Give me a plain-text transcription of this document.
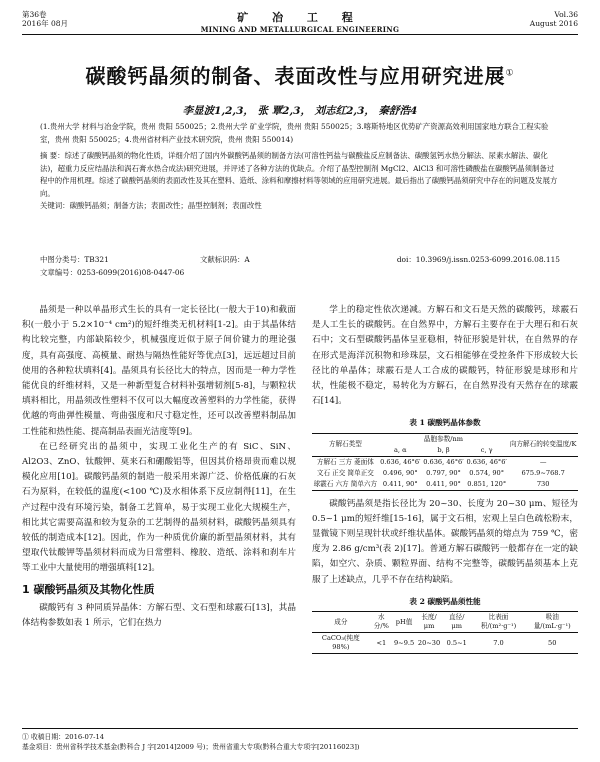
第36卷
2016年 08月	矿 冶 工 程
MINING AND METALLURGICAL ENGINEERING
Vol.36
August 2016
碳酸钙晶须的制备、表面改性与应用研究进展①
李显波1,2,3， 张 覃2,3， 刘志红2,3， 秦舒浩4
(1.贵州大学 材料与冶金学院，贵州 贵阳 550025；2.贵州大学 矿业学院，贵州 贵阳 550025；3.喀斯特地区优势矿产资源高效利用国家地方联合工程实验室，贵州 贵阳 550025；4.贵州省材料产业技术研究院，贵州 贵阳 550014)
摘 要：综述了碳酸钙晶须的物化性质，详细介绍了国内外碳酸钙晶须的制备方法(可溶性钙盐与碳酸盐反应制备法、碳酸氢钙水热分解法、尿素水解法、碳化法)，超重力反应结晶法和涡石膏水热合成法)研究进展，并评述了各种方法的优缺点。介绍了晶型控制剂 MgCl2、AlCl3 和可溶性磷酸盐在碳酸钙晶须制备过程中的作用机理。综述了碳酸钙晶须的表面改性及其在塑料、造纸、涂料和摩擦材料等领域的应用研究进展。最后指出了碳酸钙晶须研究中存在的问题及发展方向。
关键词：碳酸钙晶须；制备方法；表面改性；晶型控制剂；表面改性
中图分类号：TB321	文献标识码：A	doi：10.3969/j.issn.0253-6099.2016.08.115
文章编号：0253-6099(2016)08-0447-06

晶须是一种以单晶形式生长的具有一定长径比(一般大于10)和截面积(一般小于 5.2×10⁻⁴ cm²)的短纤维类无机材料[1-2]。由于其晶体结构比较完整，内部缺陷较少，机械强度近似于原子间价键力的理论强度，具有高强度、高模量、耐热与隔热性能好等优点[3]，远远超过目前使用的各种粒状填料[4]。晶须具有长径比大的特点，因而是一种力学性能优良的纤维材料，又是一种新型复合材料补强增韧剂[5-8]，与颗粒状填料相比，用晶须改性塑料不仅可以大幅度改善塑料的力学性能，获得优越的弯曲弹性模量、弯曲强度和尺寸稳定性，还可以改善塑料制品加工性能和热性能、提高制品表面光洁度等[9]。

在已经研究出的晶须中，实现工业化生产的有 SiC、SiN、Al2O3、ZnO、钛酸钾、莫来石和硼酸铝等，但因其价格昂贵而难以规模化应用[10]。碳酸钙晶须的制造一般采用来源广泛、价格低廉的石灰石为原料，在较低的温度(<100 ℃)及水相体系下反应制得[11]，在生产过程中没有环境污染，制备工艺简单，易于实现工业化大规模生产，相比其它需要高温和较为复杂的工艺制得的晶须材料，碳酸钙晶须具有较低的制造成本[12]。因此，作为一种质优价廉的新型晶须材料，其有望取代钛酸钾等晶须材料而成为日常塑料、橡胶、造纸、涂料和刹车片等工业中大量使用的增强填料[12]。

1 碳酸钙晶须及其物化性质

碳酸钙有 3 种同质异晶体：方解石型、文石型和球霰石[13]，其晶体结构参数如表 1 所示，它们在热力

学上的稳定性依次递减。方解石和文石是天然的碳酸钙，球霰石是人工生长的碳酸钙。在自然界中，方解石主要存在于大理石和石灰石中；文石型碳酸钙晶体呈亚稳相，特征形貌是针状，在自然界的存在形式是海洋沉积物和珍珠层，文石相能够在受控条件下形成较大长径比的单晶体；球霰石是人工合成的碳酸钙，特征形貌是球形和片状，性能极不稳定，易转化为方解石，在自然界没有天然存在的球霰石[14]。

表 1 碳酸钙晶体参数
方解石类型	晶胞参数/nm			向方解石的转变温度/K
	a, α	b, β	c, γ	
方解石 三方 菱面体	0.636, 46°6′	0.636, 46°6′	0.636, 46°6′	—
文石 正交 简单正交	0.496, 90°	0.797, 90°	0.574, 90°	675.9~768.7
球霰石 六方 简单六方	0.411, 90°	0.411, 90°	0.851, 120°	730

碳酸钙晶须是指长径比为 20~30、长度为 20~30 μm、短径为 0.5~1 μm的短纤维[15-16]，属于文石相，宏观上呈白色疏松粉末，显微镜下则呈现针状或纤维状晶体。碳酸钙晶须的熔点为 759 ℃，密度为 2.86 g/cm³(表 2)[17]。普通方解石碳酸钙一般都存在一定的缺陷，如空穴、杂质、颗粒界面、结构不完整等，碳酸钙晶须基本上克服了上述缺点，几乎不存在结构缺陷。

表 2 碳酸钙晶须性能
成分	水分/%	pH值	长度/μm	直径/μm	比表面积/(m²·g⁻¹)	吸油量/(mL·g⁻¹)
CaCO₃(纯度 98%)	<1	9~9.5	20~30	0.5~1	7.0	50
① 收稿日期：2016-07-14
基金项目：贵州省科学技术基金(黔科合 J 字[2014]2009 号)；贵州省重大专项(黔科合重大专项字[20116023])
